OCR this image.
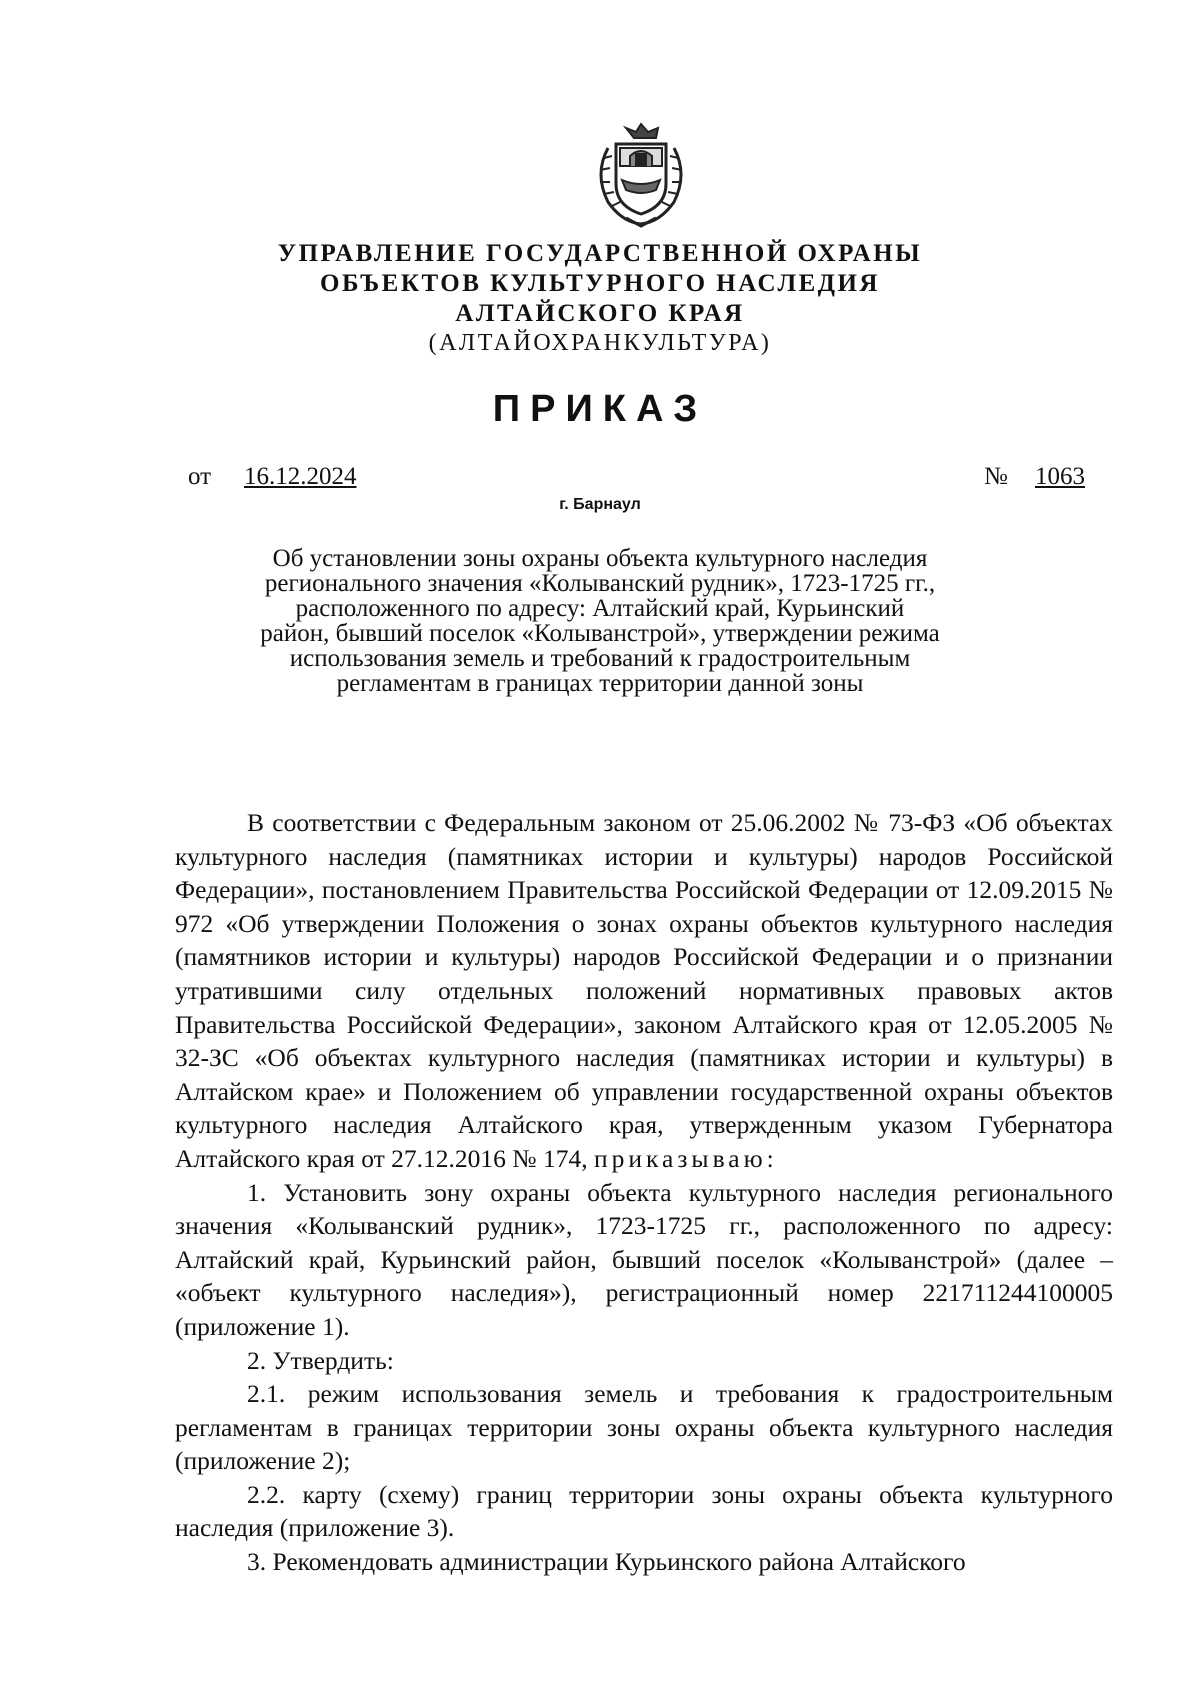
УПРАВЛЕНИЕ ГОСУДАРСТВЕННОЙ ОХРАНЫ
ОБЪЕКТОВ КУЛЬТУРНОГО НАСЛЕДИЯ
АЛТАЙСКОГО КРАЯ
(АЛТАЙОХРАНКУЛЬТУРА)
ПРИКАЗ
от 16.12.2024	№ 1063
г. Барнаул
Об установлении зоны охраны объекта культурного наследия
регионального значения «Колыванский рудник», 1723-1725 гг.,
расположенного по адресу: Алтайский край, Курьинский
район, бывший поселок «Колыванстрой», утверждении режима
использования земель и требований к градостроительным
регламентам в границах территории данной зоны

В соответствии с Федеральным законом от 25.06.2002 № 73-ФЗ «Об объектах культурного наследия (памятниках истории и культуры) народов Российской Федерации», постановлением Правительства Российской Федерации от 12.09.2015 № 972 «Об утверждении Положения о зонах охраны объектов культурного наследия (памятников истории и культуры) народов Российской Федерации и о признании утратившими силу отдельных положений нормативных правовых актов Правительства Российской Федерации», законом Алтайского края от 12.05.2005 № 32-ЗС «Об объектах культурного наследия (памятниках истории и культуры) в Алтайском крае» и Положением об управлении государственной охраны объектов культурного наследия Алтайского края, утвержденным указом Губернатора Алтайского края от 27.12.2016 № 174, приказываю:

1. Установить зону охраны объекта культурного наследия регионального значения «Колыванский рудник», 1723-1725 гг., расположенного по адресу: Алтайский край, Курьинский район, бывший поселок «Колыванстрой» (далее – «объект культурного наследия»), регистрационный номер 221711244100005 (приложение 1).

2. Утвердить:

2.1. режим использования земель и требования к градостроительным регламентам в границах территории зоны охраны объекта культурного наследия (приложение 2);

2.2. карту (схему) границ территории зоны охраны объекта культурного наследия (приложение 3).

3. Рекомендовать администрации Курьинского района Алтайского
